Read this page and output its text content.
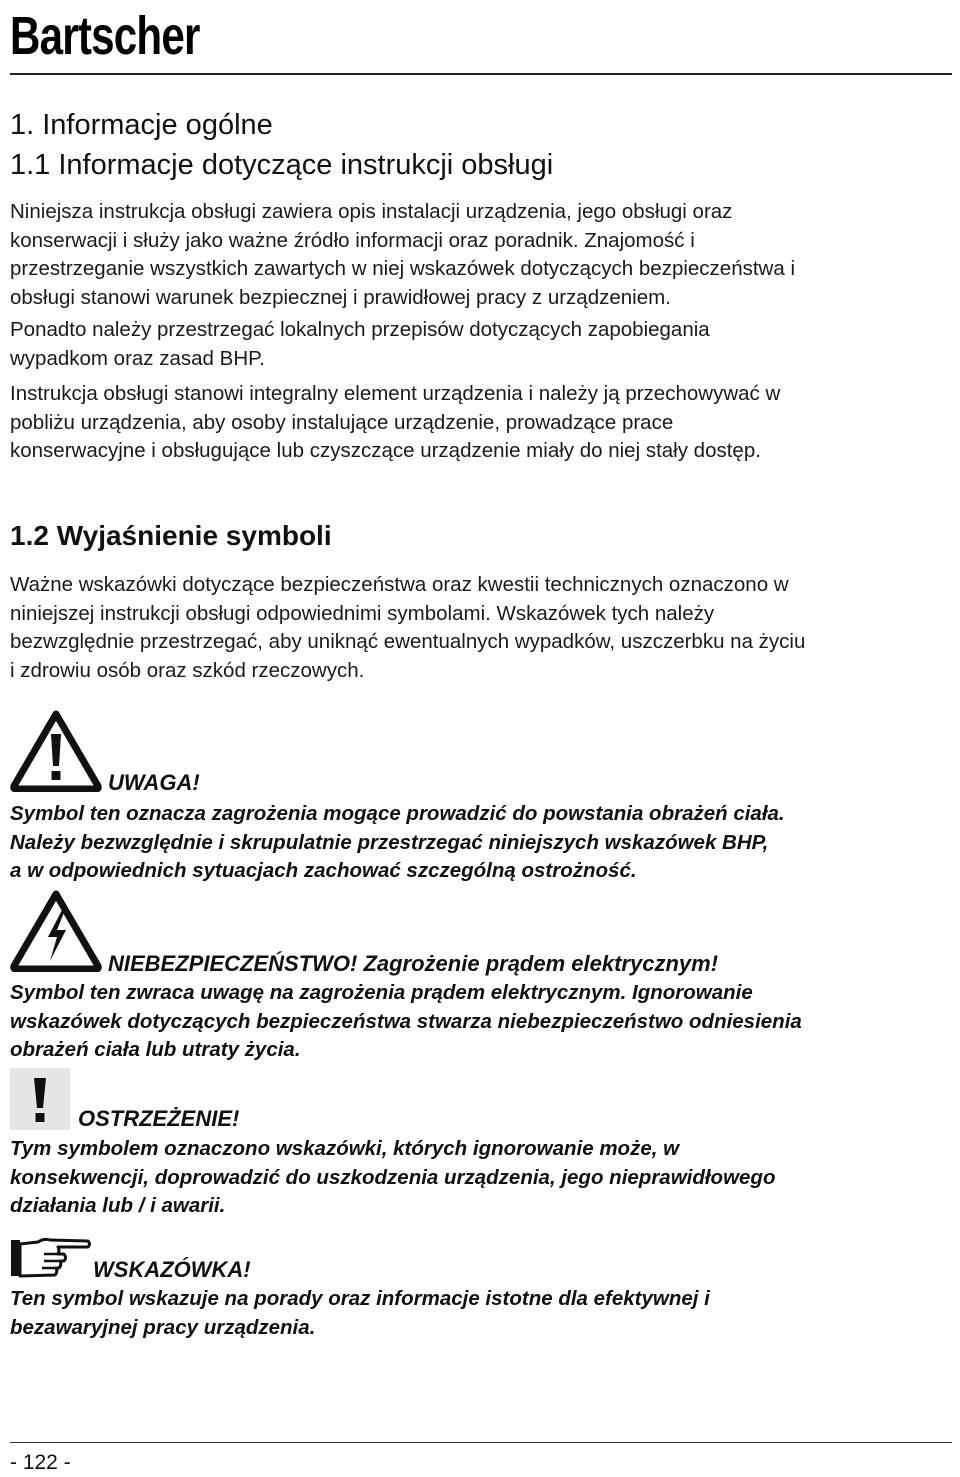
Bartscher
1. Informacje ogólne
1.1 Informacje dotyczące instrukcji obsługi
Niniejsza instrukcja obsługi zawiera opis instalacji urządzenia, jego obsługi oraz
konserwacji i służy jako ważne źródło informacji oraz poradnik. Znajomość i
przestrzeganie wszystkich zawartych w niej wskazówek dotyczących bezpieczeństwa i
obsługi stanowi warunek bezpiecznej i prawidłowej pracy z urządzeniem.
Ponadto należy przestrzegać lokalnych przepisów dotyczących zapobiegania
wypadkom oraz zasad BHP.
Instrukcja obsługi stanowi integralny element urządzenia i należy ją przechowywać w
pobliżu urządzenia, aby osoby instalujące urządzenie, prowadzące prace
konserwacyjne i obsługujące lub czyszczące urządzenie miały do niej stały dostęp.
1.2 Wyjaśnienie symboli
Ważne wskazówki dotyczące bezpieczeństwa oraz kwestii technicznych oznaczono w
niniejszej instrukcji obsługi odpowiednimi symbolami. Wskazówek tych należy
bezwzględnie przestrzegać, aby uniknąć ewentualnych wypadków, uszczerbku na życiu
i zdrowiu osób oraz szkód rzeczowych.
UWAGA!
Symbol ten oznacza zagrożenia mogące prowadzić do powstania obrażeń ciała.
Należy bezwzględnie i skrupulatnie przestrzegać niniejszych wskazówek BHP,
a w odpowiednich sytuacjach zachować szczególną ostrożność.
NIEBEZPIECZEŃSTWO! Zagrożenie prądem elektrycznym!
Symbol ten zwraca uwagę na zagrożenia prądem elektrycznym. Ignorowanie
wskazówek dotyczących bezpieczeństwa stwarza niebezpieczeństwo odniesienia
obrażeń ciała lub utraty życia.
OSTRZEŻENIE!
Tym symbolem oznaczono wskazówki, których ignorowanie może, w
konsekwencji, doprowadzić do uszkodzenia urządzenia, jego nieprawidłowego
działania lub / i awarii.
WSKAZÓWKA!
Ten symbol wskazuje na porady oraz informacje istotne dla efektywnej i
bezawaryjnej pracy urządzenia.
- 122 -
